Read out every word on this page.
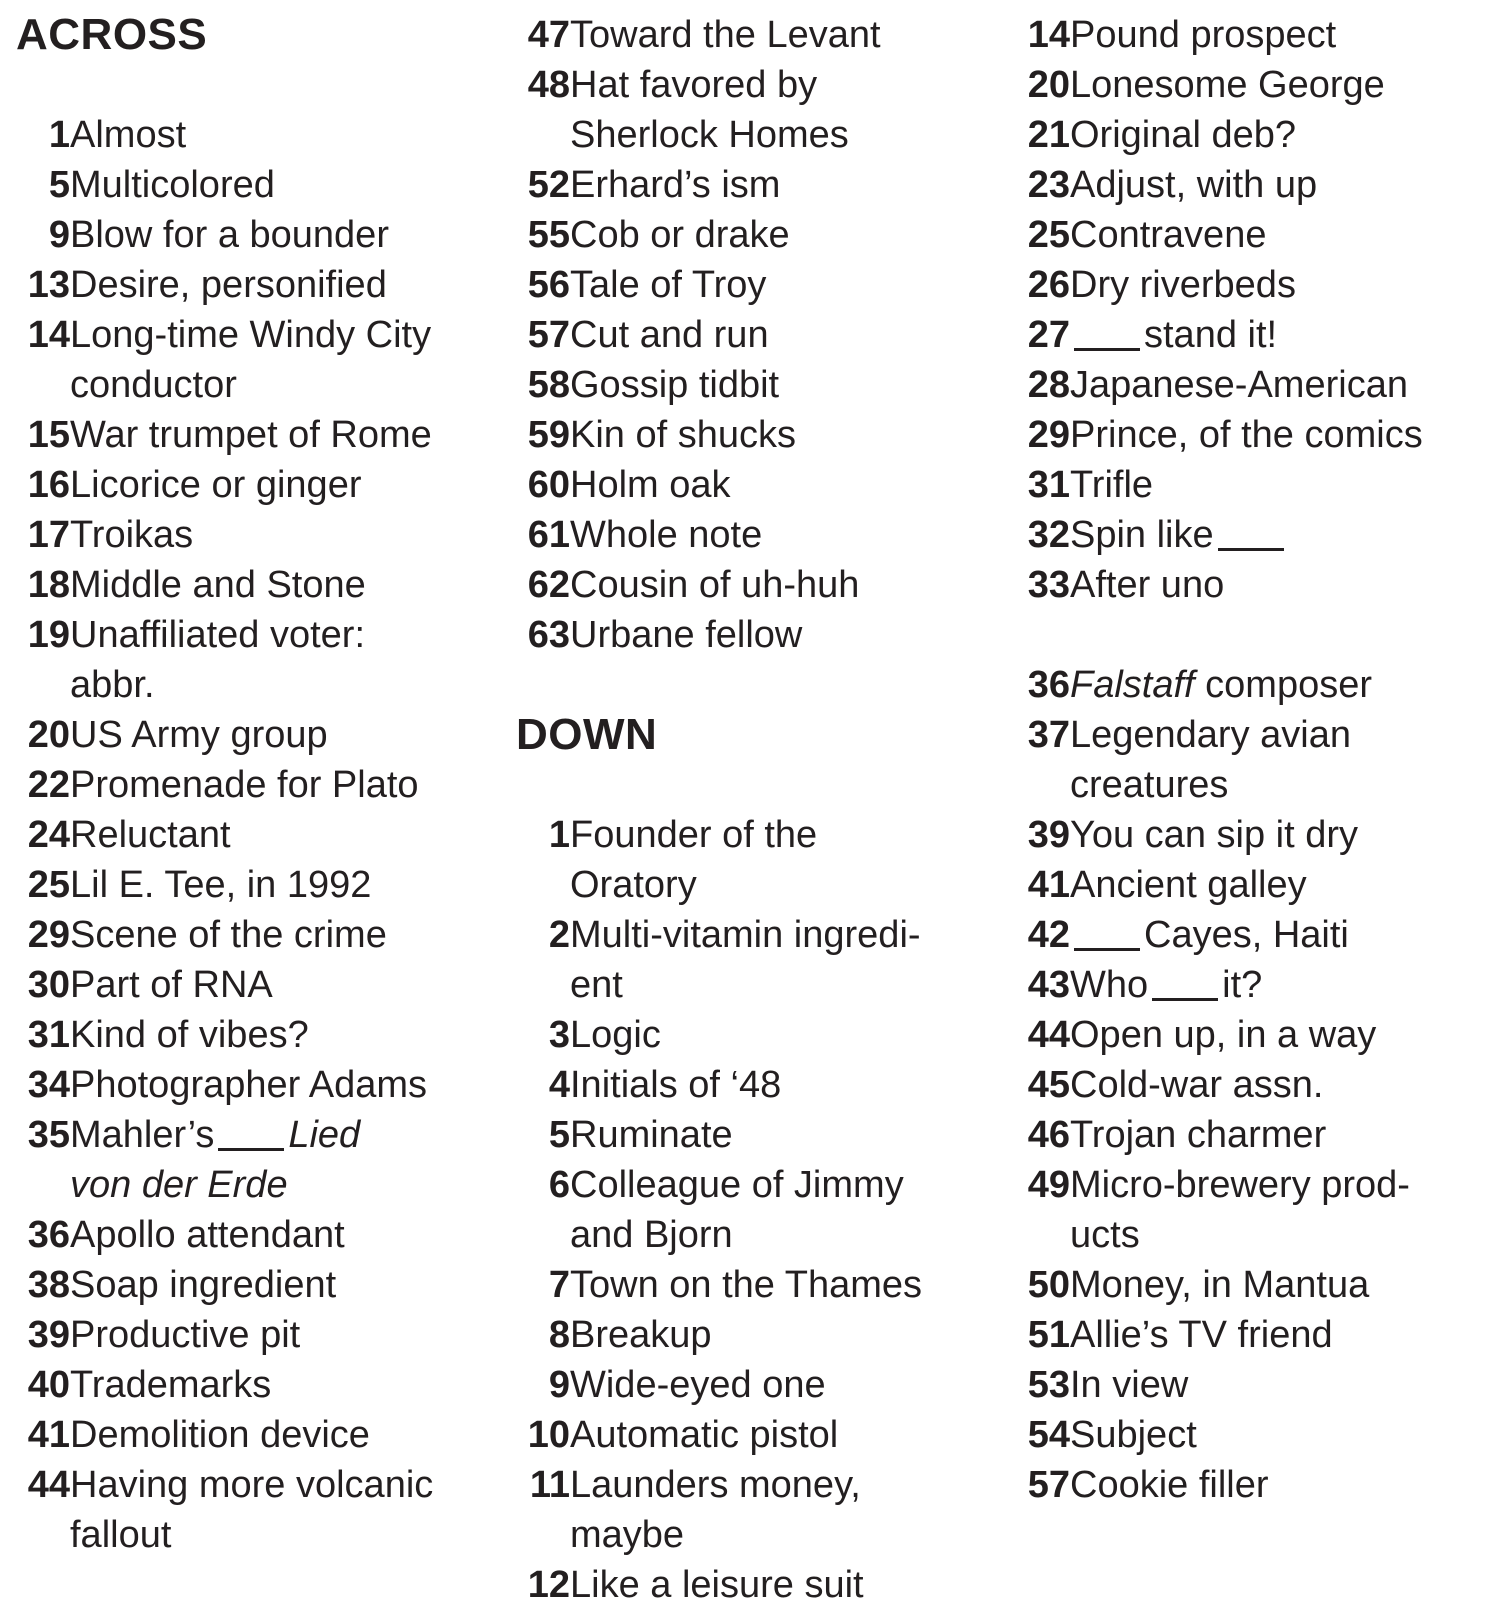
ACROSS
1 Almost
5 Multicolored
9 Blow for a bounder
13 Desire, personified
14 Long-time Windy City
conductor
15 War trumpet of Rome
16 Licorice or ginger
17 Troikas
18 Middle and Stone
19 Unaffiliated voter:
abbr.
20 US Army group
22 Promenade for Plato
24 Reluctant
25 Lil E. Tee, in 1992
29 Scene of the crime
30 Part of RNA
31 Kind of vibes?
34 Photographer Adams
35 Mahler’s Lied
von der Erde
36 Apollo attendant
38 Soap ingredient
39 Productive pit
40 Trademarks
41 Demolition device
44 Having more volcanic
fallout
47 Toward the Levant
48 Hat favored by
Sherlock Homes
52 Erhard’s ism
55 Cob or drake
56 Tale of Troy
57 Cut and run
58 Gossip tidbit
59 Kin of shucks
60 Holm oak
61 Whole note
62 Cousin of uh-huh
63 Urbane fellow
DOWN
1 Founder of the
Oratory
2 Multi-vitamin ingredi-
ent
3 Logic
4 Initials of ‘48
5 Ruminate
6 Colleague of Jimmy
and Bjorn
7 Town on the Thames
8 Breakup
9 Wide-eyed one
10 Automatic pistol
11 Launders money,
maybe
12 Like a leisure suit
14 Pound prospect
20 Lonesome George
21 Original deb?
23 Adjust, with up
25 Contravene
26 Dry riverbeds
27	stand it!
28 Japanese-American
29 Prince, of the comics
31 Trifle
32 Spin like
33 After uno
36 Falstaff composer
37 Legendary avian
creatures
39 You can sip it dry
41 Ancient galley
42	Cayes, Haiti
43 Who it?
44 Open up, in a way
45 Cold-war assn.
46 Trojan charmer
49 Micro-brewery prod-
ucts
50 Money, in Mantua
51 Allie’s TV friend
53 In view
54 Subject
57 Cookie filler
